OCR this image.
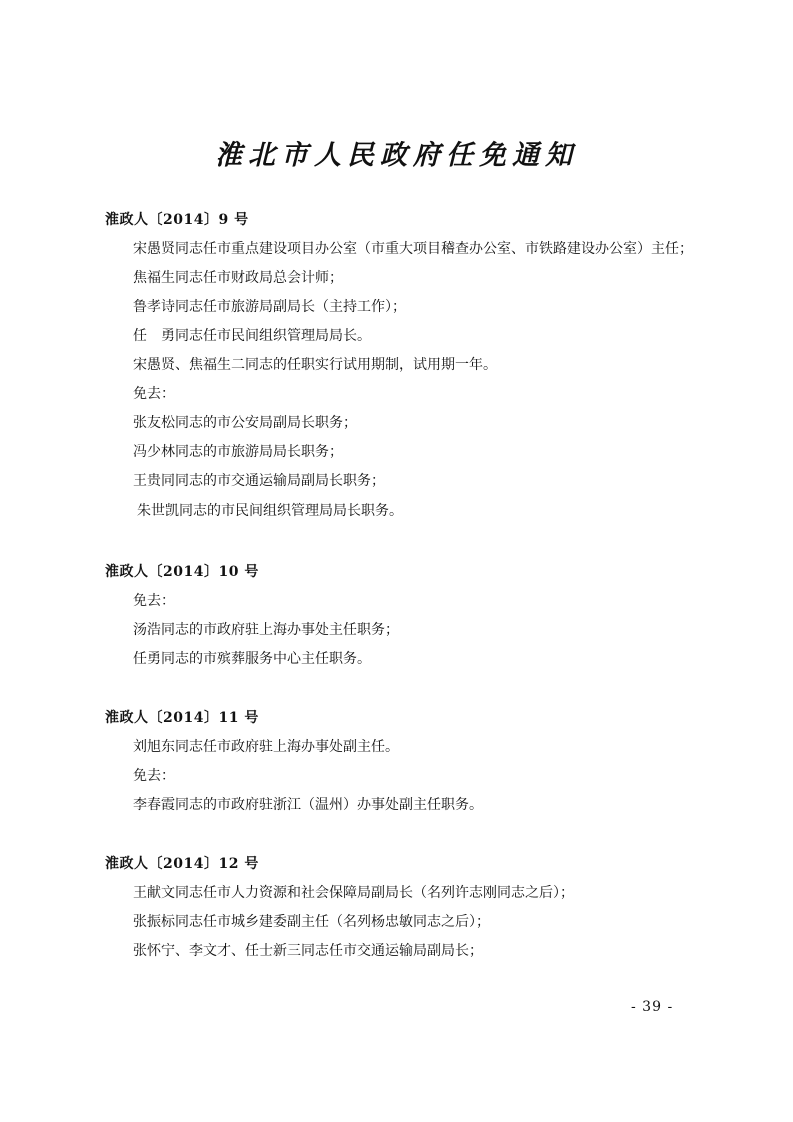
淮北市人民政府任免通知
淮政人〔2014〕9 号
宋愚贤同志任市重点建设项目办公室（市重大项目稽查办公室、市铁路建设办公室）主任；
焦福生同志任市财政局总会计师；
鲁孝诗同志任市旅游局副局长（主持工作）；
任　勇同志任市民间组织管理局局长。
宋愚贤、焦福生二同志的任职实行试用期制，试用期一年。
免去：
张友松同志的市公安局副局长职务；
冯少林同志的市旅游局局长职务；
王贵同同志的市交通运输局副局长职务；
朱世凯同志的市民间组织管理局局长职务。
淮政人〔2014〕10 号
免去：
汤浩同志的市政府驻上海办事处主任职务；
任勇同志的市殡葬服务中心主任职务。
淮政人〔2014〕11 号
刘旭东同志任市政府驻上海办事处副主任。
免去：
李春霞同志的市政府驻浙江（温州）办事处副主任职务。
淮政人〔2014〕12 号
王献文同志任市人力资源和社会保障局副局长（名列许志刚同志之后）；
张振标同志任市城乡建委副主任（名列杨忠敏同志之后）；
张怀宁、李文才、任士新三同志任市交通运输局副局长；
- 39 -
